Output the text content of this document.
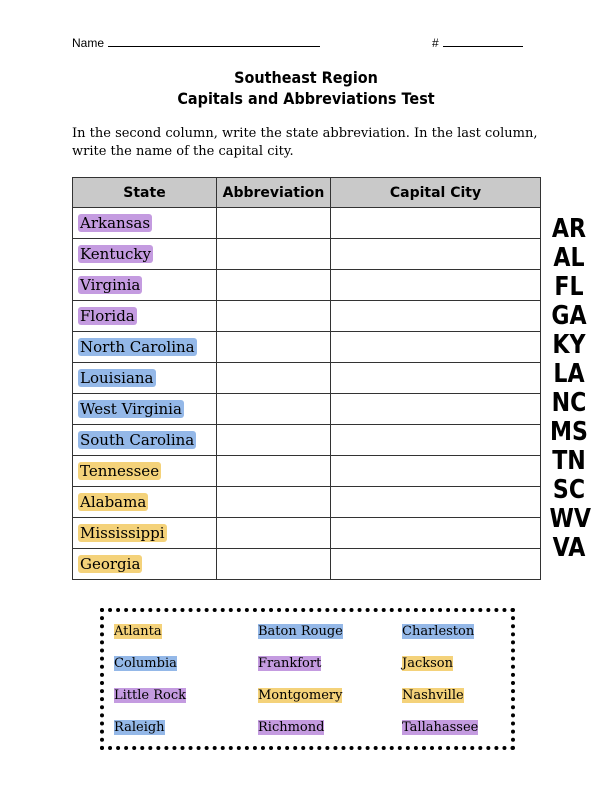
Name	#
Southeast Region
Capitals and Abbreviations Test
In the second column, write the state abbreviation. In the last column, write the name of the capital city.
State	Abbreviation	Capital City
Arkansas		
Kentucky		
Virginia		
Florida		
North Carolina		
Louisiana		
West Virginia		
South Carolina		
Tennessee		
Alabama		
Mississippi		
Georgia		
AR
AL
FL
GA
KY
LA
NC
MS
TN
SC
WV
VA
Atlanta	Baton Rouge	Charleston
Columbia	Frankfort	Jackson
Little Rock	Montgomery	Nashville
Raleigh	Richmond	Tallahassee
